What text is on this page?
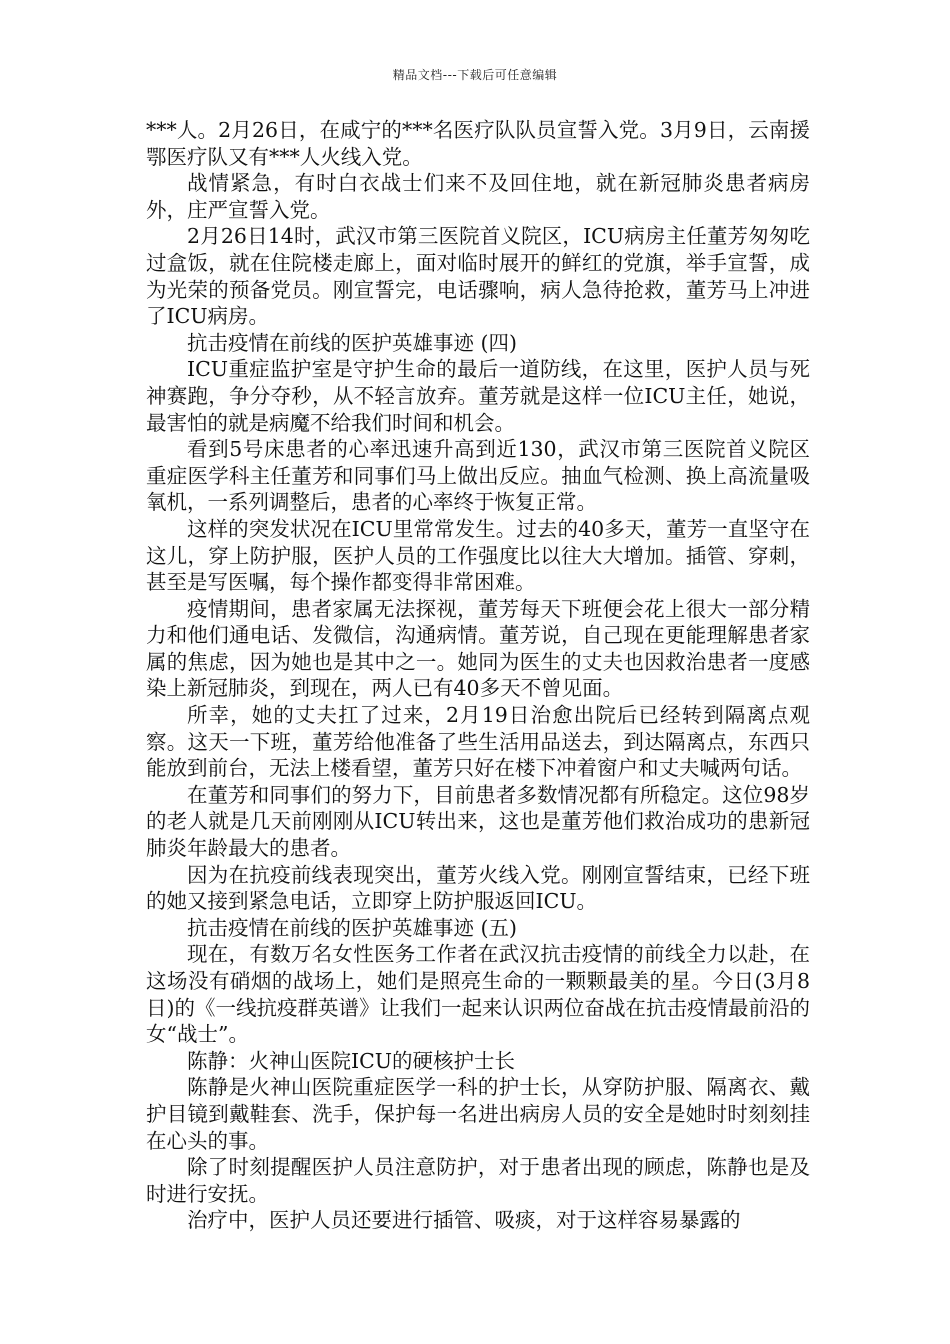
精品文档---下载后可任意编辑

***人。2月26日，在咸宁的***名医疗队队员宣誓入党。3月9日，云南援鄂医疗队又有***人火线入党。

战情紧急，有时白衣战士们来不及回住地，就在新冠肺炎患者病房外，庄严宣誓入党。

2月26日14时，武汉市第三医院首义院区，ICU病房主任董芳匆匆吃过盒饭，就在住院楼走廊上，面对临时展开的鲜红的党旗，举手宣誓，成为光荣的预备党员。刚宣誓完，电话骤响，病人急待抢救，董芳马上冲进了ICU病房。

抗击疫情在前线的医护英雄事迹 (四)

ICU重症监护室是守护生命的最后一道防线，在这里，医护人员与死神赛跑，争分夺秒，从不轻言放弃。董芳就是这样一位ICU主任，她说，最害怕的就是病魔不给我们时间和机会。

看到5号床患者的心率迅速升高到近130，武汉市第三医院首义院区重症医学科主任董芳和同事们马上做出反应。抽血气检测、换上高流量吸氧机，一系列调整后，患者的心率终于恢复正常。

这样的突发状况在ICU里常常发生。过去的40多天，董芳一直坚守在这儿，穿上防护服，医护人员的工作强度比以往大大增加。插管、穿刺，甚至是写医嘱，每个操作都变得非常困难。

疫情期间，患者家属无法探视，董芳每天下班便会花上很大一部分精力和他们通电话、发微信，沟通病情。董芳说，自己现在更能理解患者家属的焦虑，因为她也是其中之一。她同为医生的丈夫也因救治患者一度感染上新冠肺炎，到现在，两人已有40多天不曾见面。

所幸，她的丈夫扛了过来，2月19日治愈出院后已经转到隔离点观察。这天一下班，董芳给他准备了些生活用品送去，到达隔离点，东西只能放到前台，无法上楼看望，董芳只好在楼下冲着窗户和丈夫喊两句话。

在董芳和同事们的努力下，目前患者多数情况都有所稳定。这位98岁的老人就是几天前刚刚从ICU转出来，这也是董芳他们救治成功的患新冠肺炎年龄最大的患者。

因为在抗疫前线表现突出，董芳火线入党。刚刚宣誓结束，已经下班的她又接到紧急电话，立即穿上防护服返回ICU。

抗击疫情在前线的医护英雄事迹 (五)

现在，有数万名女性医务工作者在武汉抗击疫情的前线全力以赴，在这场没有硝烟的战场上，她们是照亮生命的一颗颗最美的星。今日(3月8日)的《一线抗疫群英谱》让我们一起来认识两位奋战在抗击疫情最前沿的女“战士”。

陈静：火神山医院ICU的硬核护士长

陈静是火神山医院重症医学一科的护士长，从穿防护服、隔离衣、戴护目镜到戴鞋套、洗手，保护每一名进出病房人员的安全是她时时刻刻挂在心头的事。

除了时刻提醒医护人员注意防护，对于患者出现的顾虑，陈静也是及时进行安抚。

治疗中，医护人员还要进行插管、吸痰，对于这样容易暴露的
